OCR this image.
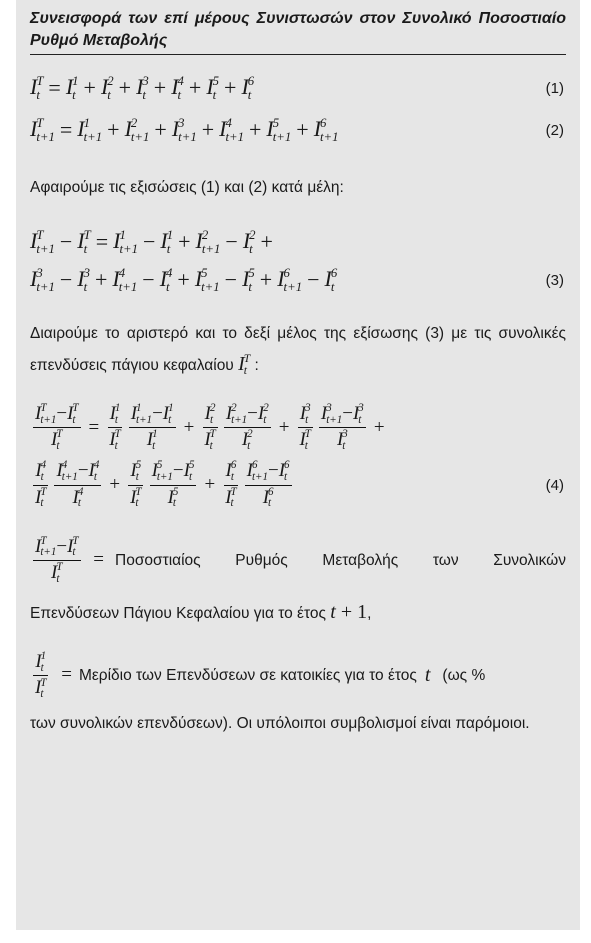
Συνεισφορά των επί μέρους Συνιστωσών στον Συνολικό Ποσοστιαίο Ρυθμό Μεταβολής
I T
t = I 1
t + I 2
t + I 3
t + I 4
t + I 5
t + I 6
t	(1)
I T
t+1 = I 1
t+1 + I 2
t+1 + I 3
t+1 + I 4
t+1 + I 5
t+1 + I 6
t+1	(2)
Αφαιρούμε τις εξισώσεις (1) και (2) κατά μέλη:
I T
t+1 − I T
t = I 1
t+1 − I 1
t + I 2
t+1 − I 2
t +
I 3
t+1 − I 3
t + I 4
t+1 − I 4
t + I 5
t+1 − I 5
t + I 6
t+1 − I 6
t	(3)
Διαιρούμε το αριστερό και το δεξί μέλος της εξίσωσης (3) με τις συνολικές επενδύσεις πάγιου κεφαλαίου I T
t :
I T
t+1 −I T
t
I T
t = I 1
t
I T
t I 1
t+1 −I 1
t
I 1
t + I 2
t
I T
t I 2
t+1 −I 2
t
I 2
t + I 3
t
I T
t I 3
t+1 −I 3
t
I 3
t +
I 4
t
I T
t I 4
t+1 −I 4
t
I 4
t + I 5
t
I T
t I 5
t+1 −I 5
t
I 5
t + I 6
t
I T
t I 6
t+1 −I 6
t
I 6
t	(4)
I T
t+1 −I T
t
I T
t = Ποσοστιαίος Ρυθμός Μεταβολής των Συνολικών
Επενδύσεων Πάγιου Κεφαλαίου για το έτος t + 1,
I 1
t
I T
t = Μερίδιο των Επενδύσεων σε κατοικίες για το έτος t (ως %
των συνολικών επενδύσεων). Οι υπόλοιποι συμβολισμοί είναι παρόμοιοι.
